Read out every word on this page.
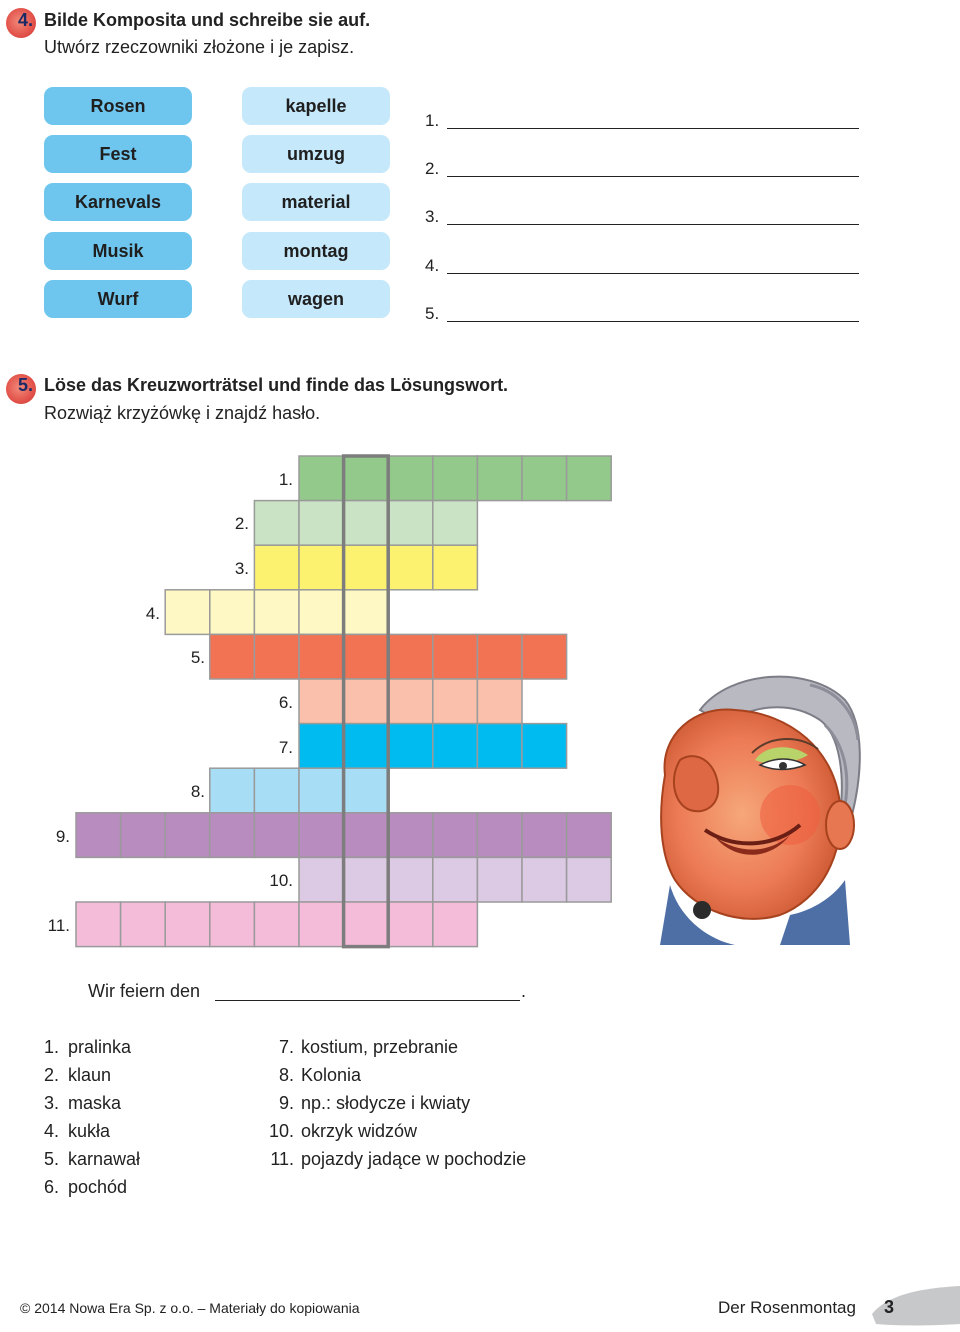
4. Bilde Komposita und schreibe sie auf.
Utwórz rzeczowniki złożone i je zapisz.
Rosen
Fest
Karnevals
Musik
Wurf
kapelle
umzug
material
montag
wagen
1.
2.
3.
4.
5.
5. Löse das Kreuzworträtsel und finde das Lösungswort.
Rozwiąż krzyżówkę i znajdź hasło.
1.
2.
3.
4.
5.
6.
7.
8.
9.
10.
11.
Wir feiern den	.
1. pralinka
2. klaun
3. maska
4. kukła
5. karnawał
6. pochód
7. kostium, przebranie
8. Kolonia
9. np.: słodycze i kwiaty
10. okrzyk widzów
11. pojazdy jadące w pochodzie
© 2014 Nowa Era Sp. z o.o. – Materiały do kopiowania	Der Rosenmontag 3
